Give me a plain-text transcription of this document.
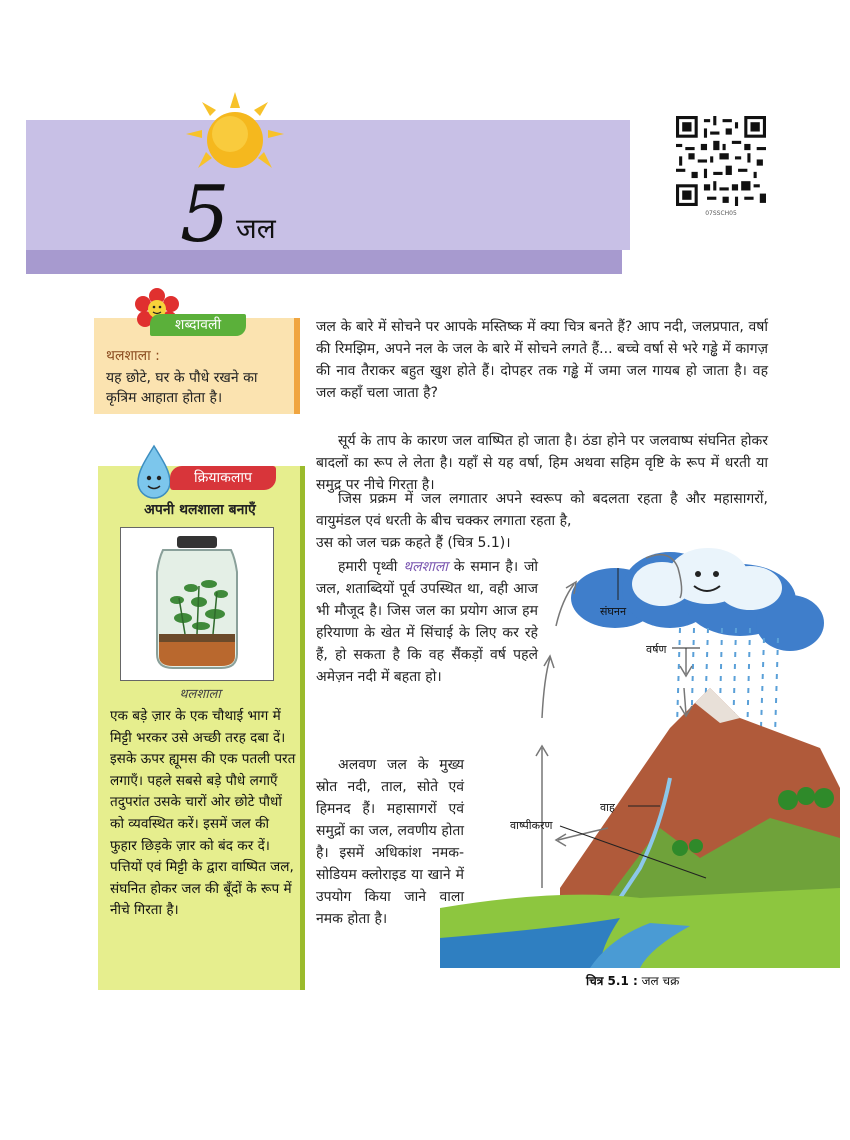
5 जल	07SSCH05
शब्दावली
थलशाला :
यह छोटे, घर के पौधे रखने का कृत्रिम आहाता होता है।
क्रियाकलाप
अपनी थलशाला बनाएँ
थलशाला
एक बड़े ज़ार के एक चौथाई भाग में मिट्टी भरकर उसे अच्छी तरह दबा दें। इसके ऊपर ह्यूमस की एक पतली परत लगाएँ। पहले सबसे बड़े पौधे लगाएँ तदुपरांत उसके चारों ओर छोटे पौधों को व्यवस्थित करें। इसमें जल की फुहार छिड़के ज़ार को बंद कर दें। पत्तियों एवं मिट्टी के द्वारा वाष्पित जल, संघनित होकर जल की बूँदों के रूप में नीचे गिरता है।
जल के बारे में सोचने पर आपके मस्तिष्क में क्या चित्र बनते हैं? आप नदी, जलप्रपात, वर्षा की रिमझिम, अपने नल के जल के बारे में सोचने लगते हैं... बच्चे वर्षा से भरे गड्ढे में कागज़ की नाव तैराकर बहुत खुश होते हैं। दोपहर तक गड्ढे में जमा जल गायब हो जाता है। वह जल कहाँ चला जाता है?
सूर्य के ताप के कारण जल वाष्पित हो जाता है। ठंडा होने पर जलवाष्प संघनित होकर बादलों का रूप ले लेता है। यहाँ से यह वर्षा, हिम अथवा सहिम वृष्टि के रूप में धरती या समुद्र पर नीचे गिरता है।
जिस प्रक्रम में जल लगातार अपने स्वरूप को बदलता रहता है और महासागरों, वायुमंडल एवं धरती के बीच चक्कर लगाता रहता है,
उस को जल चक्र कहते हैं (चित्र 5.1)।
हमारी पृथ्वी थलशाला के समान है। जो जल, शताब्दियों पूर्व उपस्थित था, वही आज भी मौजूद है। जिस जल का प्रयोग आज हम हरियाणा के खेत में सिंचाई के लिए कर रहे हैं, हो सकता है कि वह सैंकड़ों वर्ष पहले अमेज़न नदी में बहता हो।
अलवण जल के मुख्य स्रोत नदी, ताल, सोते एवं हिमनद हैं। महासागरों एवं समुद्रों का जल, लवणीय होता है। इसमें अधिकांश नमक-सोडियम क्लोराइड या खाने में उपयोग किया जाने वाला नमक होता है।
संघनन
वर्षण
वाह
वाष्पीकरण
चित्र 5.1 : जल चक्र
